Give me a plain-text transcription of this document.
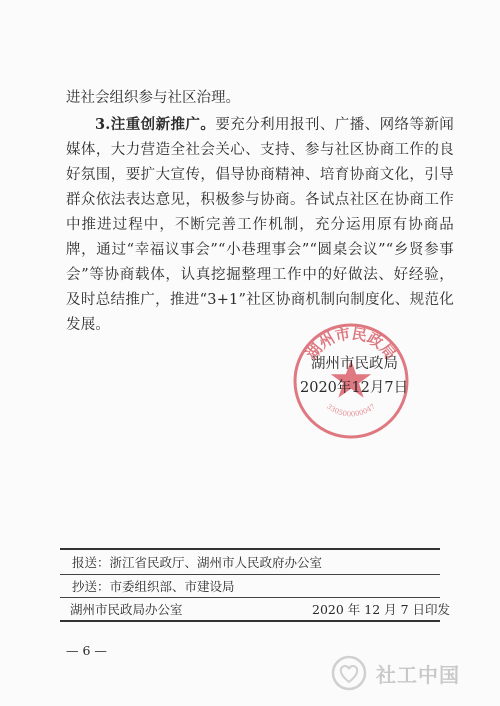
进社会组织参与社区治理。
3.注重创新推广。要充分利用报刊、广播、网络等新闻媒体，大力营造全社会关心、支持、参与社区协商工作的良好氛围，要扩大宣传，倡导协商精神、培育协商文化，引导群众依法表达意见，积极参与协商。各试点社区在协商工作中推进过程中，不断完善工作机制，充分运用原有协商品牌，通过“幸福议事会”“小巷理事会”“圆桌会议”“乡贤参事会”等协商载体，认真挖掘整理工作中的好做法、好经验，及时总结推广，推进“3+1”社区协商机制向制度化、规范化发展。
湖州市民政局
330500000047
湖州市民政局
2020年12月7日
报送：浙江省民政厅、湖州市人民政府办公室
抄送：市委组织部、市建设局
湖州市民政局办公室	2020 年 12 月 7 日印发
— 6 —
社工中国
